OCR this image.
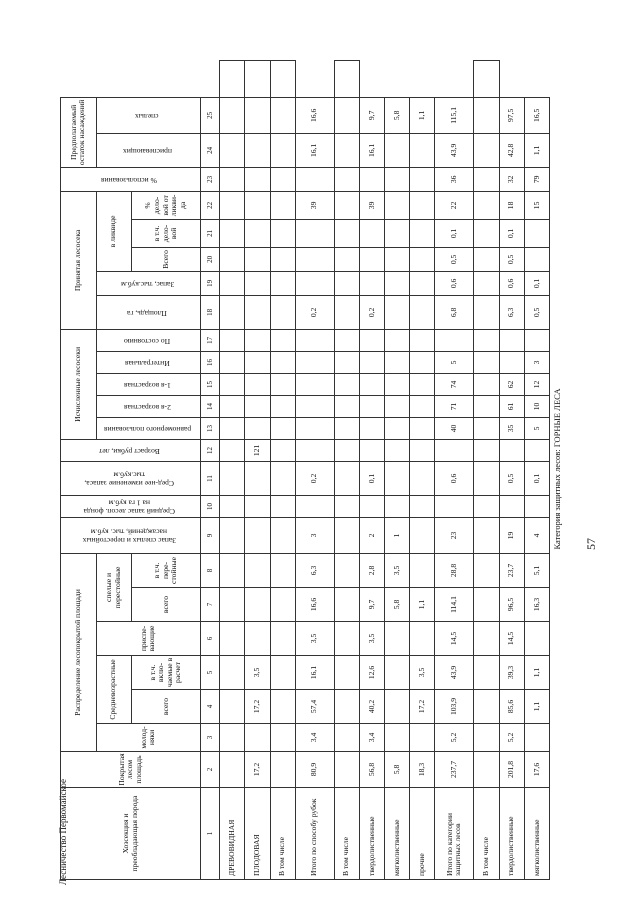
Лесничество Первомайское
57
Хозсекция и преобладающая порода	Покрытая лесом площадь	Распределение лесопокрытой площади						Запас спелых и перестойных насаждений, тыс. куб.м	Средний запас лесоп. фонда на 1 га куб.м	Сред-нее изменение запаса, тыс.куб.м	Возраст рубки, лет	Исчисленные лесосеки					Принятая лесосека					% использования	Предполагаемый остаток насаждений		
		молод-няки	Средневозрастные		приспе-вающие	спелые и перестойные						равномерного пользования	2-я возрастная	1-я возрастная	Интегральная	По состоянию	Площадь, га	Запас, тыс.куб.м	в ликвиде				приспевающих	спелых	
			всего	в т.ч. вклю-чаемые в расчет		всего	в т.ч. пере-стойные												Всего	в т.ч. дело-вой	% дело-вой от ликви-да				
1	2	3	4	5	6	7	8	9	10	11	12	13	14	15	16	17	18	19	20	21	22	23	24	25	
ДРЕВОВИДНАЯ																									
ПЛОДОВАЯ	17,2		17,2	3,5							121														
В том числе																									
Итого по способу рубок	80,9	3,4	57,4	16,1	3,5	16,6	6,3	3		0,2							0,2				39		16,1	16,6	
В том числе																									
твердолиственные	56,8	3,4	40,2	12,6	3,5	9,7	2,8	2		0,1							0,2				39		16,1	9,7	
мягколиственные	5,8					5,8	3,5	1																5,8	
прочие	18,3		17,2	3,5		1,1																		1,1	
Итого по категории защитных лесов	237,7	5,2	103,9	43,9	14,5	114,1	28,8	23		0,6		40	71	74	5		6,8	0,6	0,5	0,1	22	36	43,9	115,1	
В том числе																									
твердолиственные	201,8	5,2	85,6	39,3	14,5	96,5	23,7	19		0,5		35	61	62			6,3	0,6	0,5	0,1	18	32	42,8	97,5	
мягколиственные	17,6		1,1	1,1		16,3	5,1	4		0,1		5	10	12	3		0,5	0,1			15	79	1,1	16,5	
Категория защитных лесов: ГОРНЫЕ ЛЕСА
